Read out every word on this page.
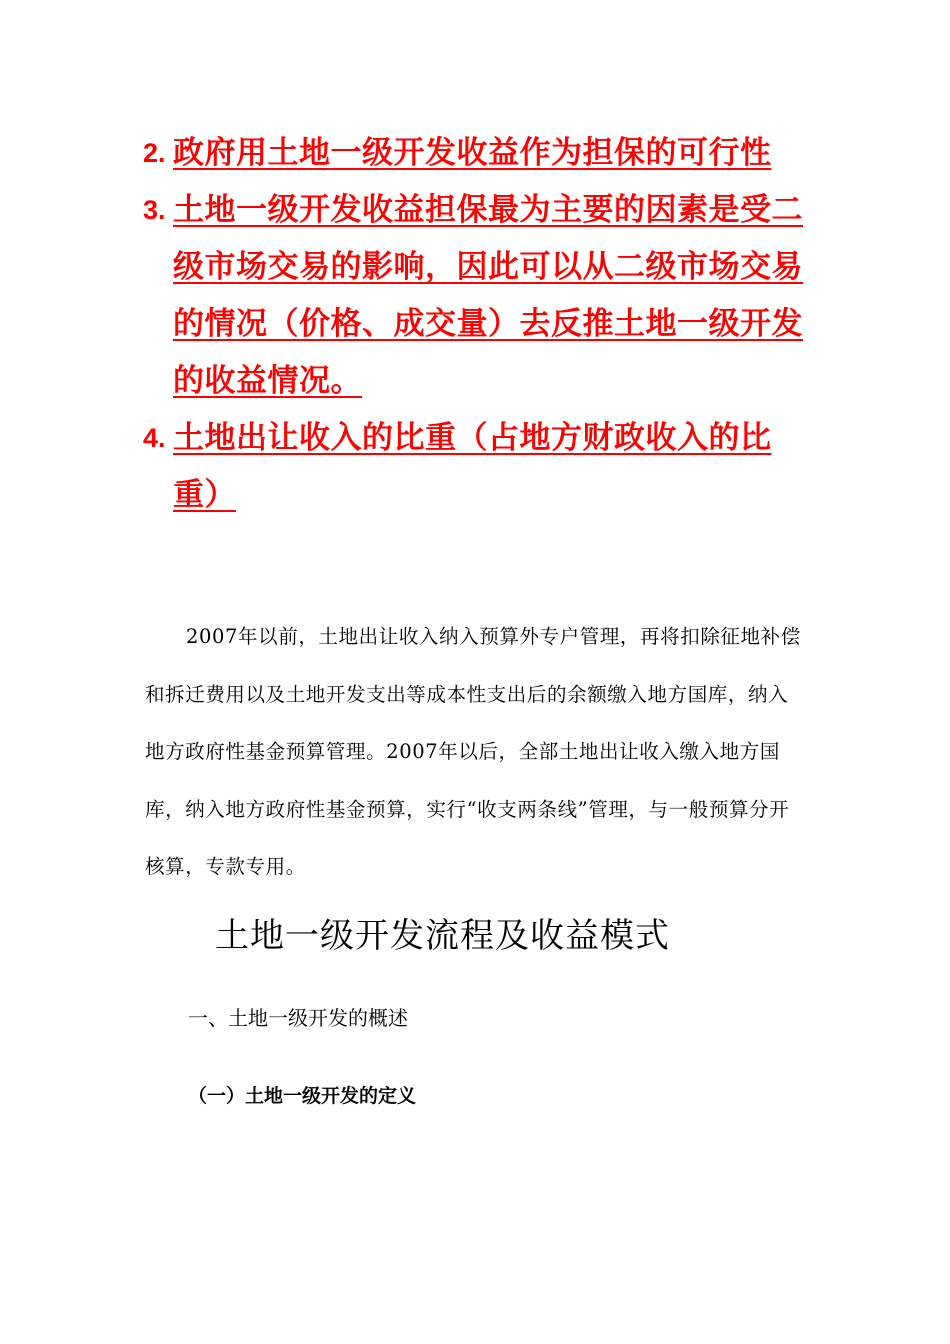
2. 政府用土地一级开发收益作为担保的可行性
3. 土地一级开发收益担保最为主要的因素是受二级市场交易的影响，因此可以从二级市场交易的情况（价格、成交量）去反推土地一级开发的收益情况。
4. 土地出让收入的比重（占地方财政收入的比重）

2007年以前，土地出让收入纳入预算外专户管理，再将扣除征地补偿和拆迁费用以及土地开发支出等成本性支出后的余额缴入地方国库，纳入地方政府性基金预算管理。2007年以后，全部土地出让收入缴入地方国库，纳入地方政府性基金预算，实行“收支两条线”管理，与一般预算分开核算，专款专用。

土地一级开发流程及收益模式

一、土地一级开发的概述

（一）土地一级开发的定义
